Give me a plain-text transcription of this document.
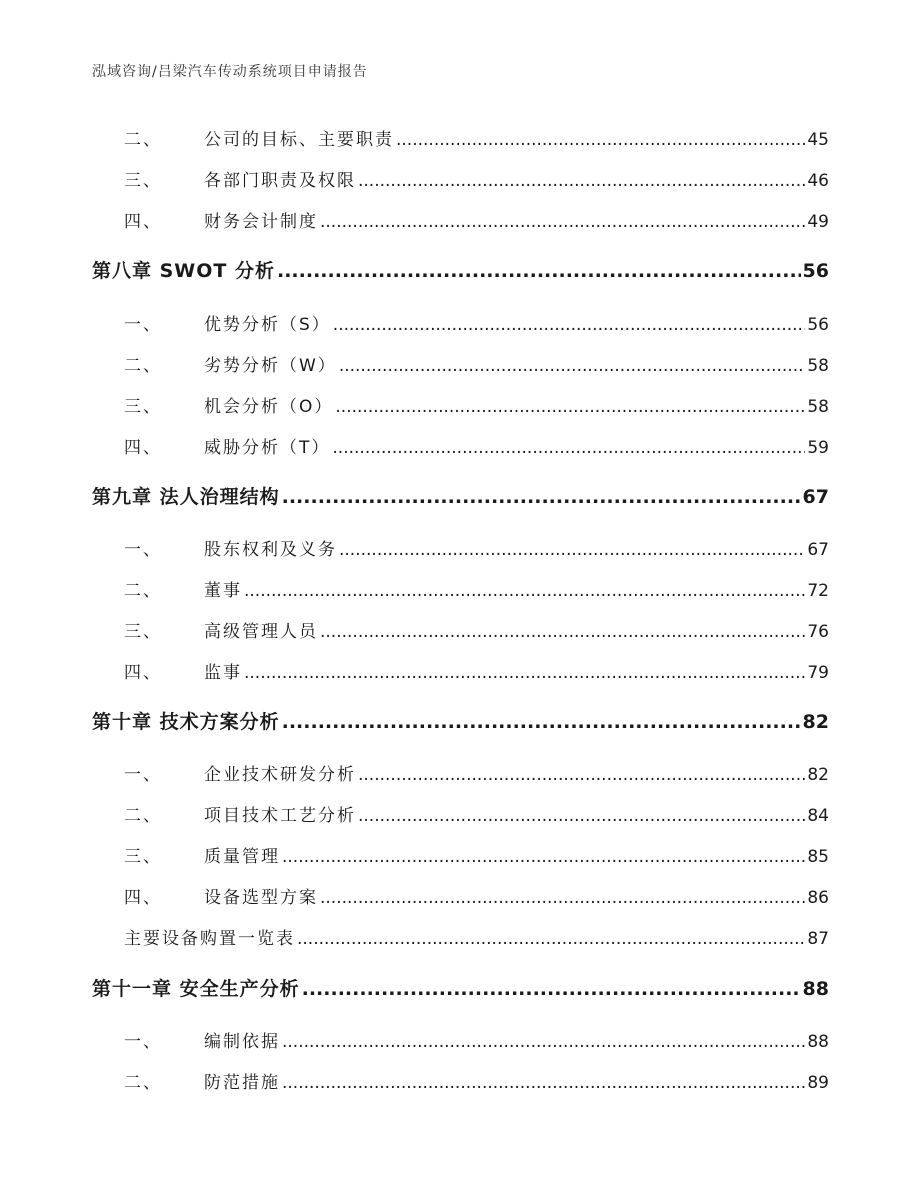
泓域咨询/吕梁汽车传动系统项目申请报告
二、	公司的目标、主要职责 .....	45
三、	各部门职责及权限 .....	46
四、	财务会计制度 .....	49
第八章 SWOT 分析 .....	56
一、	优势分析（S） .....	56
二、	劣势分析（W） .....	58
三、	机会分析（O） .....	58
四、	威胁分析（T） .....	59
第九章 法人治理结构 .....	67
一、	股东权利及义务 .....	67
二、	董事 .....	72
三、	高级管理人员 .....	76
四、	监事 .....	79
第十章 技术方案分析 .....	82
一、	企业技术研发分析 .....	82
二、	项目技术工艺分析 .....	84
三、	质量管理 .....	85
四、	设备选型方案 .....	86
主要设备购置一览表 .....	87
第十一章 安全生产分析 .....	88
一、	编制依据 .....	88
二、	防范措施 .....	89
